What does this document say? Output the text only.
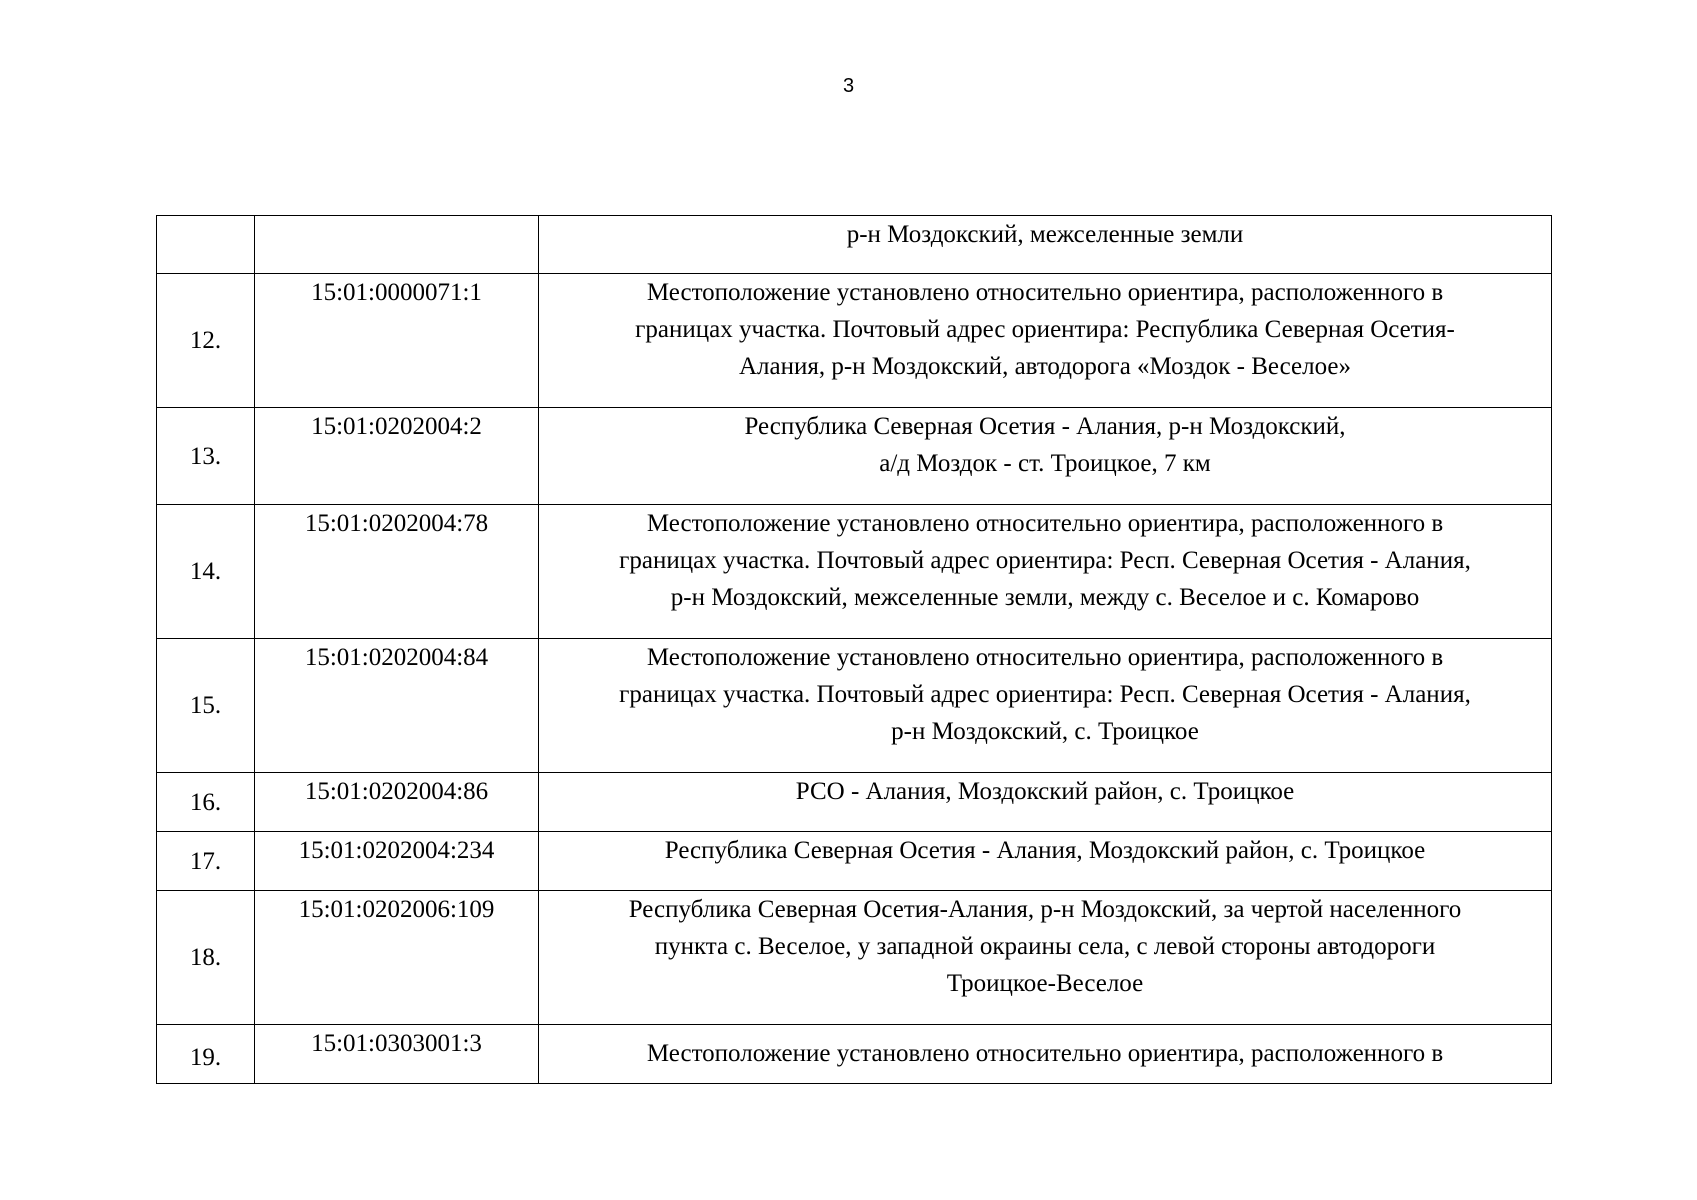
3

		р-н Моздокский, межселенные земли

12.	15:01:0000071:1	Местоположение установлено относительно ориентира, расположенного в
границах участка. Почтовый адрес ориентира: Республика Северная Осетия-
Алания, р-н Моздокский, автодорога «Моздок - Веселое»

13.	15:01:0202004:2	Республика Северная Осетия - Алания, р-н Моздокский,
а/д Моздок - ст. Троицкое, 7 км

14.	15:01:0202004:78	Местоположение установлено относительно ориентира, расположенного в
границах участка. Почтовый адрес ориентира: Респ. Северная Осетия - Алания,
р-н Моздокский, межселенные земли, между с. Веселое и с. Комарово

15.	15:01:0202004:84	Местоположение установлено относительно ориентира, расположенного в
границах участка. Почтовый адрес ориентира: Респ. Северная Осетия - Алания,
р-н Моздокский, с. Троицкое

16.	15:01:0202004:86	РСО - Алания, Моздокский район, с. Троицкое

17.	15:01:0202004:234	Республика Северная Осетия - Алания, Моздокский район, с. Троицкое

18.	15:01:0202006:109	Республика Северная Осетия-Алания, р-н Моздокский, за чертой населенного
пункта с. Веселое, у западной окраины села, с левой стороны автодороги
Троицкое-Веселое

19.	15:01:0303001:3	Местоположение установлено относительно ориентира, расположенного в
